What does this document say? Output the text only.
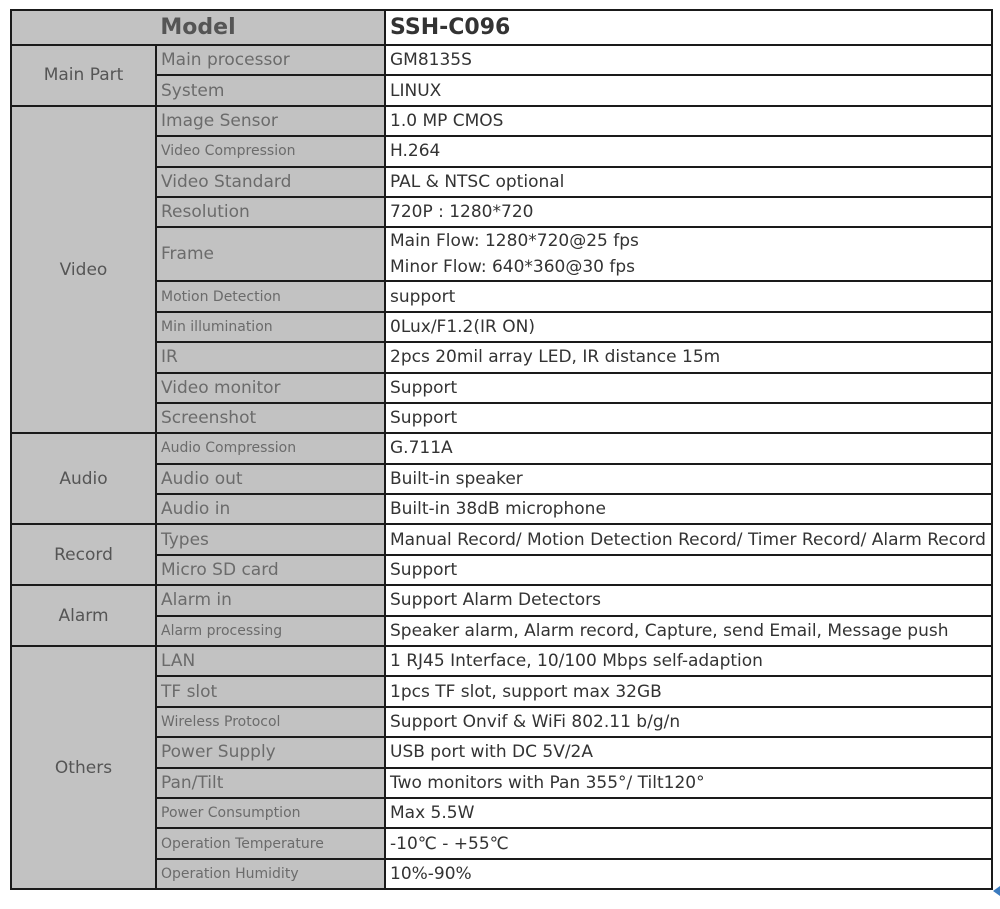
Model		SSH-C096
Main Part	Main processor	GM8135S
	System	LINUX
Video	Image Sensor	1.0 MP CMOS
	Video Compression	H.264
	Video Standard	PAL & NTSC optional
	Resolution	720P : 1280*720
	Frame	Main Flow: 1280*720@25 fps
Minor Flow: 640*360@30 fps

	Motion Detection	support
	Min illumination	0Lux/F1.2(IR ON)
	IR	2pcs 20mil array LED, IR distance 15m
	Video monitor	Support
	Screenshot	Support
Audio	Audio Compression	G.711A
	Audio out	Built-in speaker
	Audio in	Built-in 38dB microphone
Record	Types	Manual Record/ Motion Detection Record/ Timer Record/ Alarm Record
	Micro SD card	Support
Alarm	Alarm in	Support Alarm Detectors
	Alarm processing	Speaker alarm, Alarm record, Capture, send Email, Message push
Others	LAN	1 RJ45 Interface, 10/100 Mbps self-adaption
	TF slot	1pcs TF slot, support max 32GB
	Wireless Protocol	Support Onvif & WiFi 802.11 b/g/n
	Power Supply	USB port with DC 5V/2A
	Pan/Tilt	Two monitors with Pan 355°/ Tilt120°
	Power Consumption	Max 5.5W
	Operation Temperature	-10℃ - +55℃
	Operation Humidity	10%-90%
